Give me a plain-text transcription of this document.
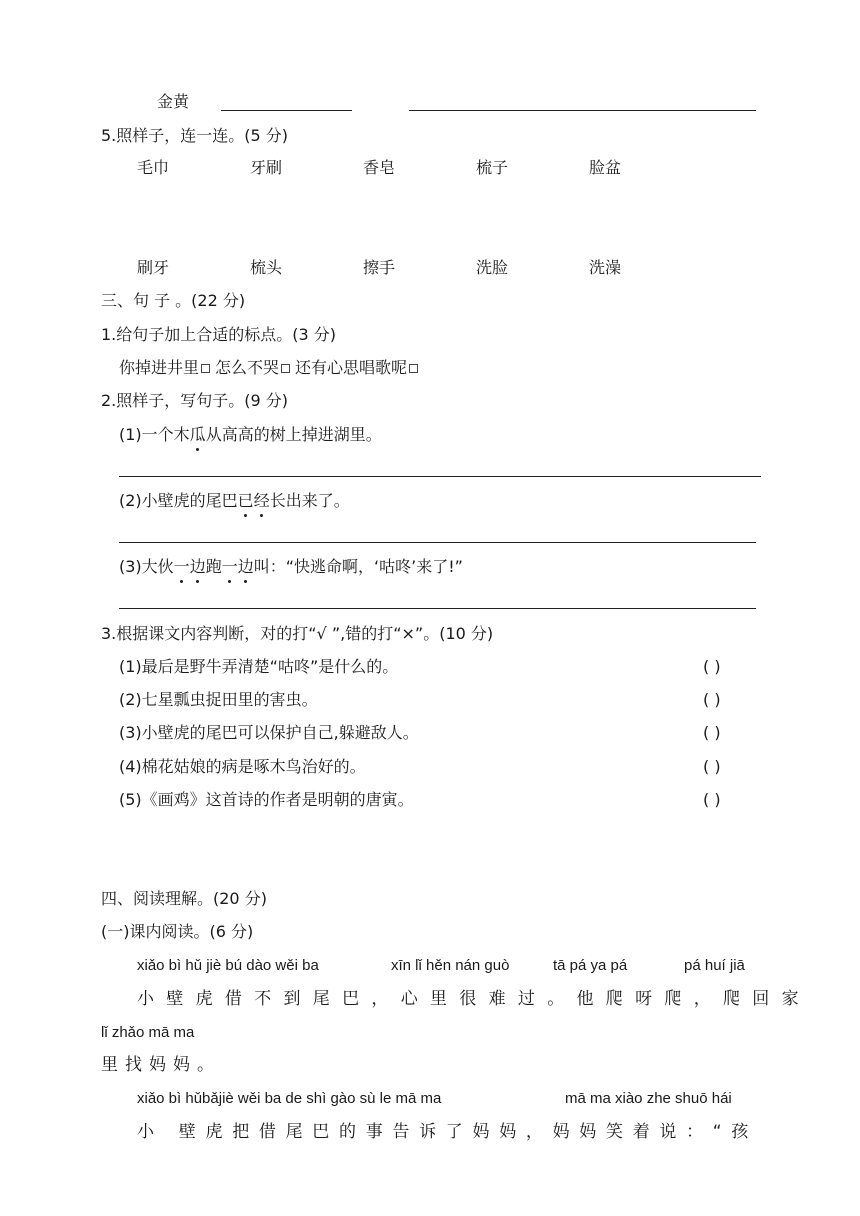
金黄
5.照样子，连一连。(5 分)
毛巾	牙刷	香皂	梳子	脸盆
刷牙	梳头	擦手	洗脸	洗澡
三、句 子 。(22 分)
1.给句子加上合适的标点。(3 分)
你掉进井里 怎么不哭 还有心思唱歌呢
2.照样子，写句子。(9 分)
(1)一个木瓜从高高的树上掉进湖里。
(2)小壁虎的尾巴已经长出来了。
(3)大伙一边跑一边叫：“快逃命啊，‘咕咚’来了!”
3.根据课文内容判断，对的打“√ ”,错的打“×”。(10 分)
(1)最后是野牛弄清楚“咕咚”是什么的。	( )
(2)七星瓢虫捉田里的害虫。	( )
(3)小壁虎的尾巴可以保护自己,躲避敌人。	( )
(4)棉花姑娘的病是啄木鸟治好的。	( )
(5)《画鸡》这首诗的作者是明朝的唐寅。	( )
四、阅读理解。(20 分)
(一)课内阅读。(6 分)
xiǎo bì hǔ jiè bú dào wěi ba	xīn lǐ hěn nán guò	tā pá ya pá	pá huí jiā
小壁虎借不到尾巴，心里很难过。他爬呀爬，爬回家
lǐ zhǎo mā ma
里找妈妈。
xiǎo bì hǔbǎjiè wěi ba de shì gào sù le mā ma	mā ma xiào zhe shuō hái
小 壁虎把借尾巴的事告诉了妈妈，妈妈笑着说：“孩
